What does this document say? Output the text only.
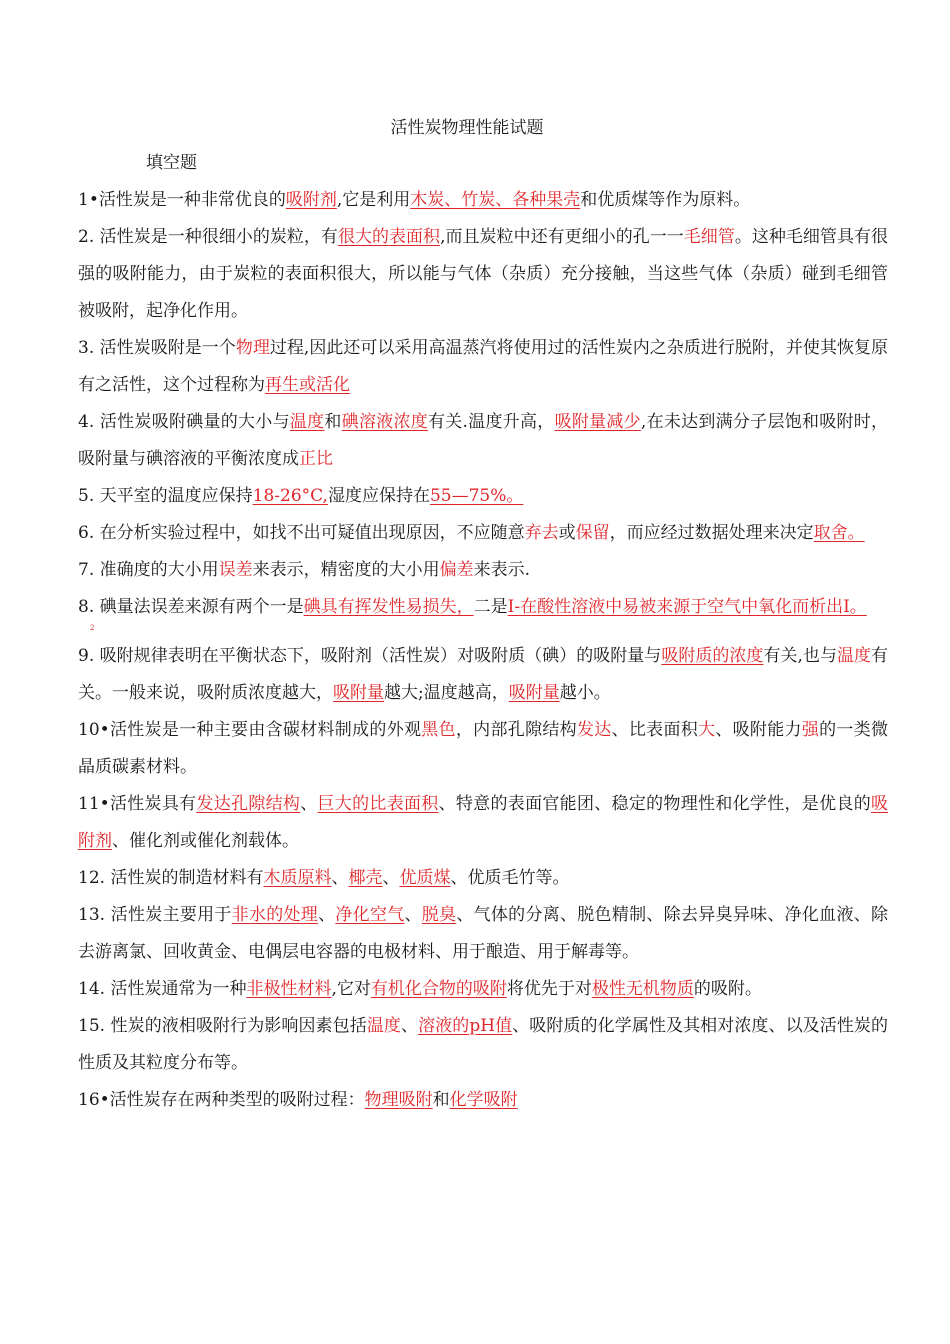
活性炭物理性能试题
填空题

1•活性炭是一种非常优良的吸附剂,它是利用木炭、竹炭、各种果壳和优质煤等作为原料。

2. 活性炭是一种很细小的炭粒，有很大的表面积,而且炭粒中还有更细小的孔一一毛细管。这种毛细管具有很强的吸附能力，由于炭粒的表面积很大，所以能与气体（杂质）充分接触，当这些气体（杂质）碰到毛细管被吸附，起净化作用。

3. 活性炭吸附是一个物理过程,因此还可以采用高温蒸汽将使用过的活性炭内之杂质进行脱附，并使其恢复原有之活性，这个过程称为再生或活化

4. 活性炭吸附碘量的大小与温度和碘溶液浓度有关.温度升高，吸附量减少,在未达到满分子层饱和吸附时，吸附量与碘溶液的平衡浓度成正比

5. 天平室的温度应保持18-26°C,湿度应保持在55—75%。

6. 在分析实验过程中，如找不出可疑值出现原因，不应随意弃去或保留，而应经过数据处理来决定取舍。

7. 准确度的大小用误差来表示，精密度的大小用偏差来表示.

8. 碘量法误差来源有两个一是碘具有挥发性易损失，二是I-在酸性溶液中易被来源于空气中氧化而析出I。

2

9. 吸附规律表明在平衡状态下，吸附剂（活性炭）对吸附质（碘）的吸附量与吸附质的浓度有关,也与温度有关。一般来说，吸附质浓度越大，吸附量越大;温度越高，吸附量越小。

10•活性炭是一种主要由含碳材料制成的外观黑色，内部孔隙结构发达、比表面积大、吸附能力强的一类微晶质碳素材料。

11•活性炭具有发达孔隙结构、巨大的比表面积、特意的表面官能团、稳定的物理性和化学性，是优良的吸附剂、催化剂或催化剂载体。

12. 活性炭的制造材料有木质原料、椰壳、优质煤、优质毛竹等。

13. 活性炭主要用于非水的处理、净化空气、脱臭、气体的分离、脱色精制、除去异臭异味、净化血液、除去游离氯、回收黄金、电偶层电容器的电极材料、用于酿造、用于解毒等。

14. 活性炭通常为一种非极性材料,它对有机化合物的吸附将优先于对极性无机物质的吸附。

15. 性炭的液相吸附行为影响因素包括温度、溶液的pH值、吸附质的化学属性及其相对浓度、以及活性炭的性质及其粒度分布等。

16•活性炭存在两种类型的吸附过程：物理吸附和化学吸附
